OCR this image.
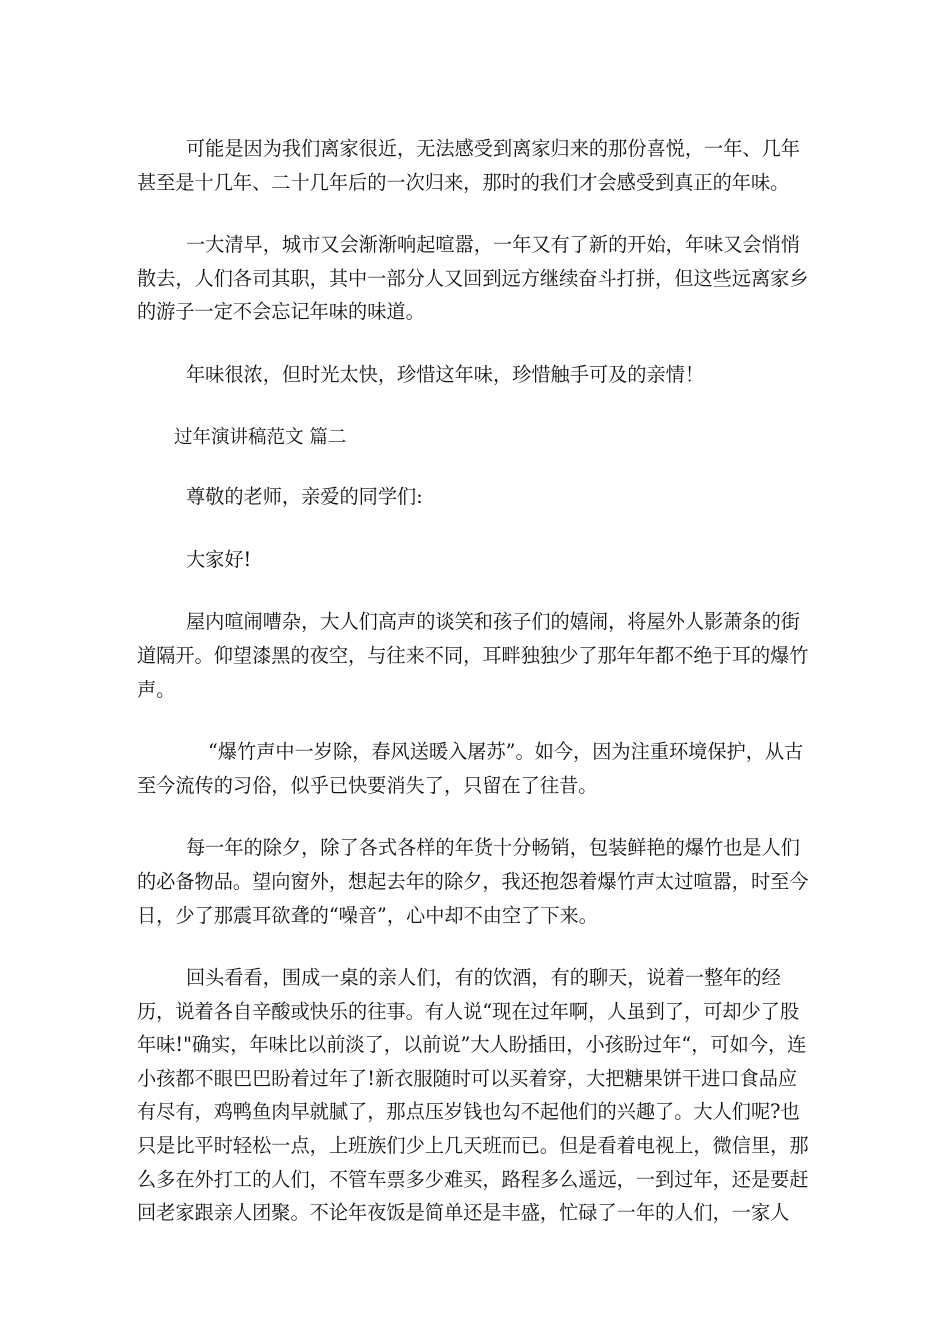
可能是因为我们离家很近，无法感受到离家归来的那份喜悦，一年、几年甚至是十几年、二十几年后的一次归来，那时的我们才会感受到真正的年味。

一大清早，城市又会渐渐响起喧嚣，一年又有了新的开始，年味又会悄悄散去，人们各司其职，其中一部分人又回到远方继续奋斗打拼，但这些远离家乡的游子一定不会忘记年味的味道。

年味很浓，但时光太快，珍惜这年味，珍惜触手可及的亲情！

过年演讲稿范文 篇二

尊敬的老师，亲爱的同学们:

大家好!

屋内喧闹嘈杂，大人们高声的谈笑和孩子们的嬉闹，将屋外人影萧条的街道隔开。仰望漆黑的夜空，与往来不同，耳畔独独少了那年年都不绝于耳的爆竹声。

“爆竹声中一岁除，春风送暖入屠苏”。如今，因为注重环境保护，从古至今流传的习俗，似乎已快要消失了，只留在了往昔。

每一年的除夕，除了各式各样的年货十分畅销，包装鲜艳的爆竹也是人们的必备物品。望向窗外，想起去年的除夕，我还抱怨着爆竹声太过喧嚣，时至今日，少了那震耳欲聋的“噪音”，心中却不由空了下来。

回头看看，围成一桌的亲人们，有的饮酒，有的聊天，说着一整年的经历，说着各自辛酸或快乐的往事。有人说“现在过年啊，人虽到了，可却少了股年味!"确实，年味比以前淡了，以前说”大人盼插田，小孩盼过年“，可如今，连小孩都不眼巴巴盼着过年了!新衣服随时可以买着穿，大把糖果饼干进口食品应有尽有，鸡鸭鱼肉早就腻了，那点压岁钱也勾不起他们的兴趣了。大人们呢?也只是比平时轻松一点，上班族们少上几天班而已。但是看着电视上，微信里，那么多在外打工的人们，不管车票多少难买，路程多么遥远，一到过年，还是要赶回老家跟亲人团聚。不论年夜饭是简单还是丰盛，忙碌了一年的人们，一家人
